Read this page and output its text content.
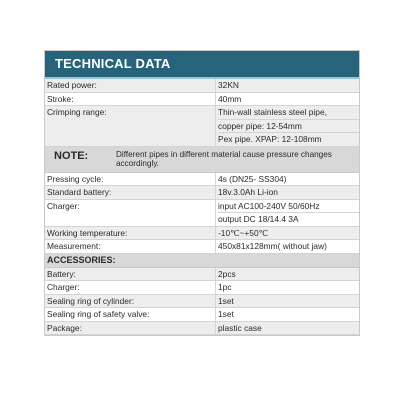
TECHNICAL DATA
Rated power:	32KN
Stroke:	40mm
Crimping range:	Thin-wall stainless steel pipe,
copper pipe: 12-54mm
Pex pipe. XPAP: 12-108mm
NOTE:	Different pipes in different material cause pressure changes accordingly.
Pressing cycle:	4s (DN25- SS304)
Standard battery:	18v.3.0Ah Li-ion
Charger:	input AC100-240V 50/60Hz
output DC 18/14.4 3A
Working temperature:	-10℃~+50℃
Measurement:	450x81x128mm( without jaw)
ACCESSORIES:
Battery:	2pcs
Charger:	1pc
Sealing ring of cylinder:	1set
Sealing ring of safety valve:	1set
Package:	plastic case
